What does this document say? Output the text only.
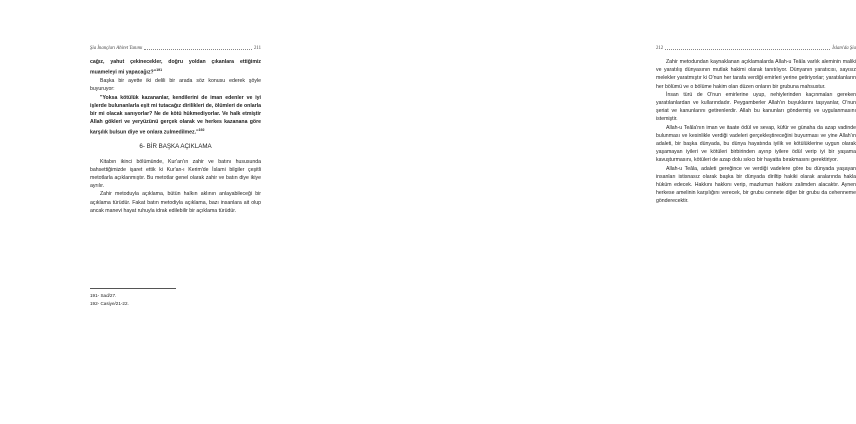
Şia İnançları Ahiret Tanımı	211

cağız, yahut çekinecekler, doğru yoldan çıkanlara ettiğimiz muameleyi mi yapacağız?"$^{191}$

Başka bir ayette iki delili bir arada söz konusu ederek şöyle buyuruyor:

"Yoksa kötülük kazananlar, kendilerini de iman edenler ve iyi işlerde bulunanlarla eşit mi tutacağız dirilikleri de, ölümleri de onlarla bir mi olacak sanıyorlar? Ne de kötü hükmediyorlar. Ve halk etmiştir Allah gökleri ve yeryüzünü gerçek olarak ve herkes kazanana göre karşılık bulsun diye ve onlara zulmedilmez."$^{192}$

6- BİR BAŞKA AÇIKLAMA

Kitabın ikinci bölümünde, Kur'an'ın zahir ve batını hususunda bahsettiğimizde işaret ettik ki Kur'an-ı Kerim'de İslami bilgiler çeşitli metotlarla açıklanmıştır. Bu metotlar genel olarak zahir ve batın diye ikiye ayrılır.

Zahir metoduyla açıklama, bütün halkın aklının anlayabileceği bir açıklama türüdür. Fakat batın metodiyla açıklama, bazı insanlara ait olup ancak manevi hayat ruhuyla idrak edilebilir bir açıklama türüdür.

191- Sad/27.
192- Casiye/21-22.
212	İslam'da Şia

Zahir metodundan kaynaklanan açıklamalarda Allah-u Teâla varlık aleminin maliki ve yaratılış dünyasının mutlak hakimi olarak tanıtılıyor. Dünyanın yaratıcısı, sayısız melekler yaratmıştır ki O'nun her tarafa verdiği emirleri yerine getiriyorlar; yaratılanların her bölümü ve o bölüme hakim olan düzen onların bir grubuna mahsustur.

İnsan türü de O'nun emirlerine uyup, nehiylerinden kaçınmaları gereken yaratılanlardan ve kullarındadır. Peygamberler Allah'ın buyuklarını taşıyanlar, O'nun şeriat ve kanunlarını getirenlerdir. Allah bu kanunları göndermiş ve uygulanmasını istemiştir.

Allah-u Teâla'nın iman ve itaate ödül ve sevap, küfür ve günaha da azap vadinde bulunması ve kesinlikle verdiği vadeleri gerçekleştireceğini buyurması ve yine Allah'ın adaleti, bir başka dünyada, bu dünya hayatında iyilik ve kötülüklerine uygun olarak yaşamayan iyileri ve kötüleri birbirinden ayırıp iyilere ödül verip iyi bir yaşama kavuşturmasını, kötüleri de azap dolu sıkıcı bir hayatta bırakmasını gerektiriyor.

Allah-u Teâla, adaleti gereğince ve verdiği vadelere göre bu dünyada yaşayan insanları istisnasız olarak başka bir dünyada diriltip hakiki olarak aralarında hakla hüküm edecek. Hakkını hakkını verip, mazlumun hakkını zalimden alacaktır. Aynen herkese amelinin karşılığını verecek, bir grubu cennete diğer bir grubu da cehenneme gönderecektir.
